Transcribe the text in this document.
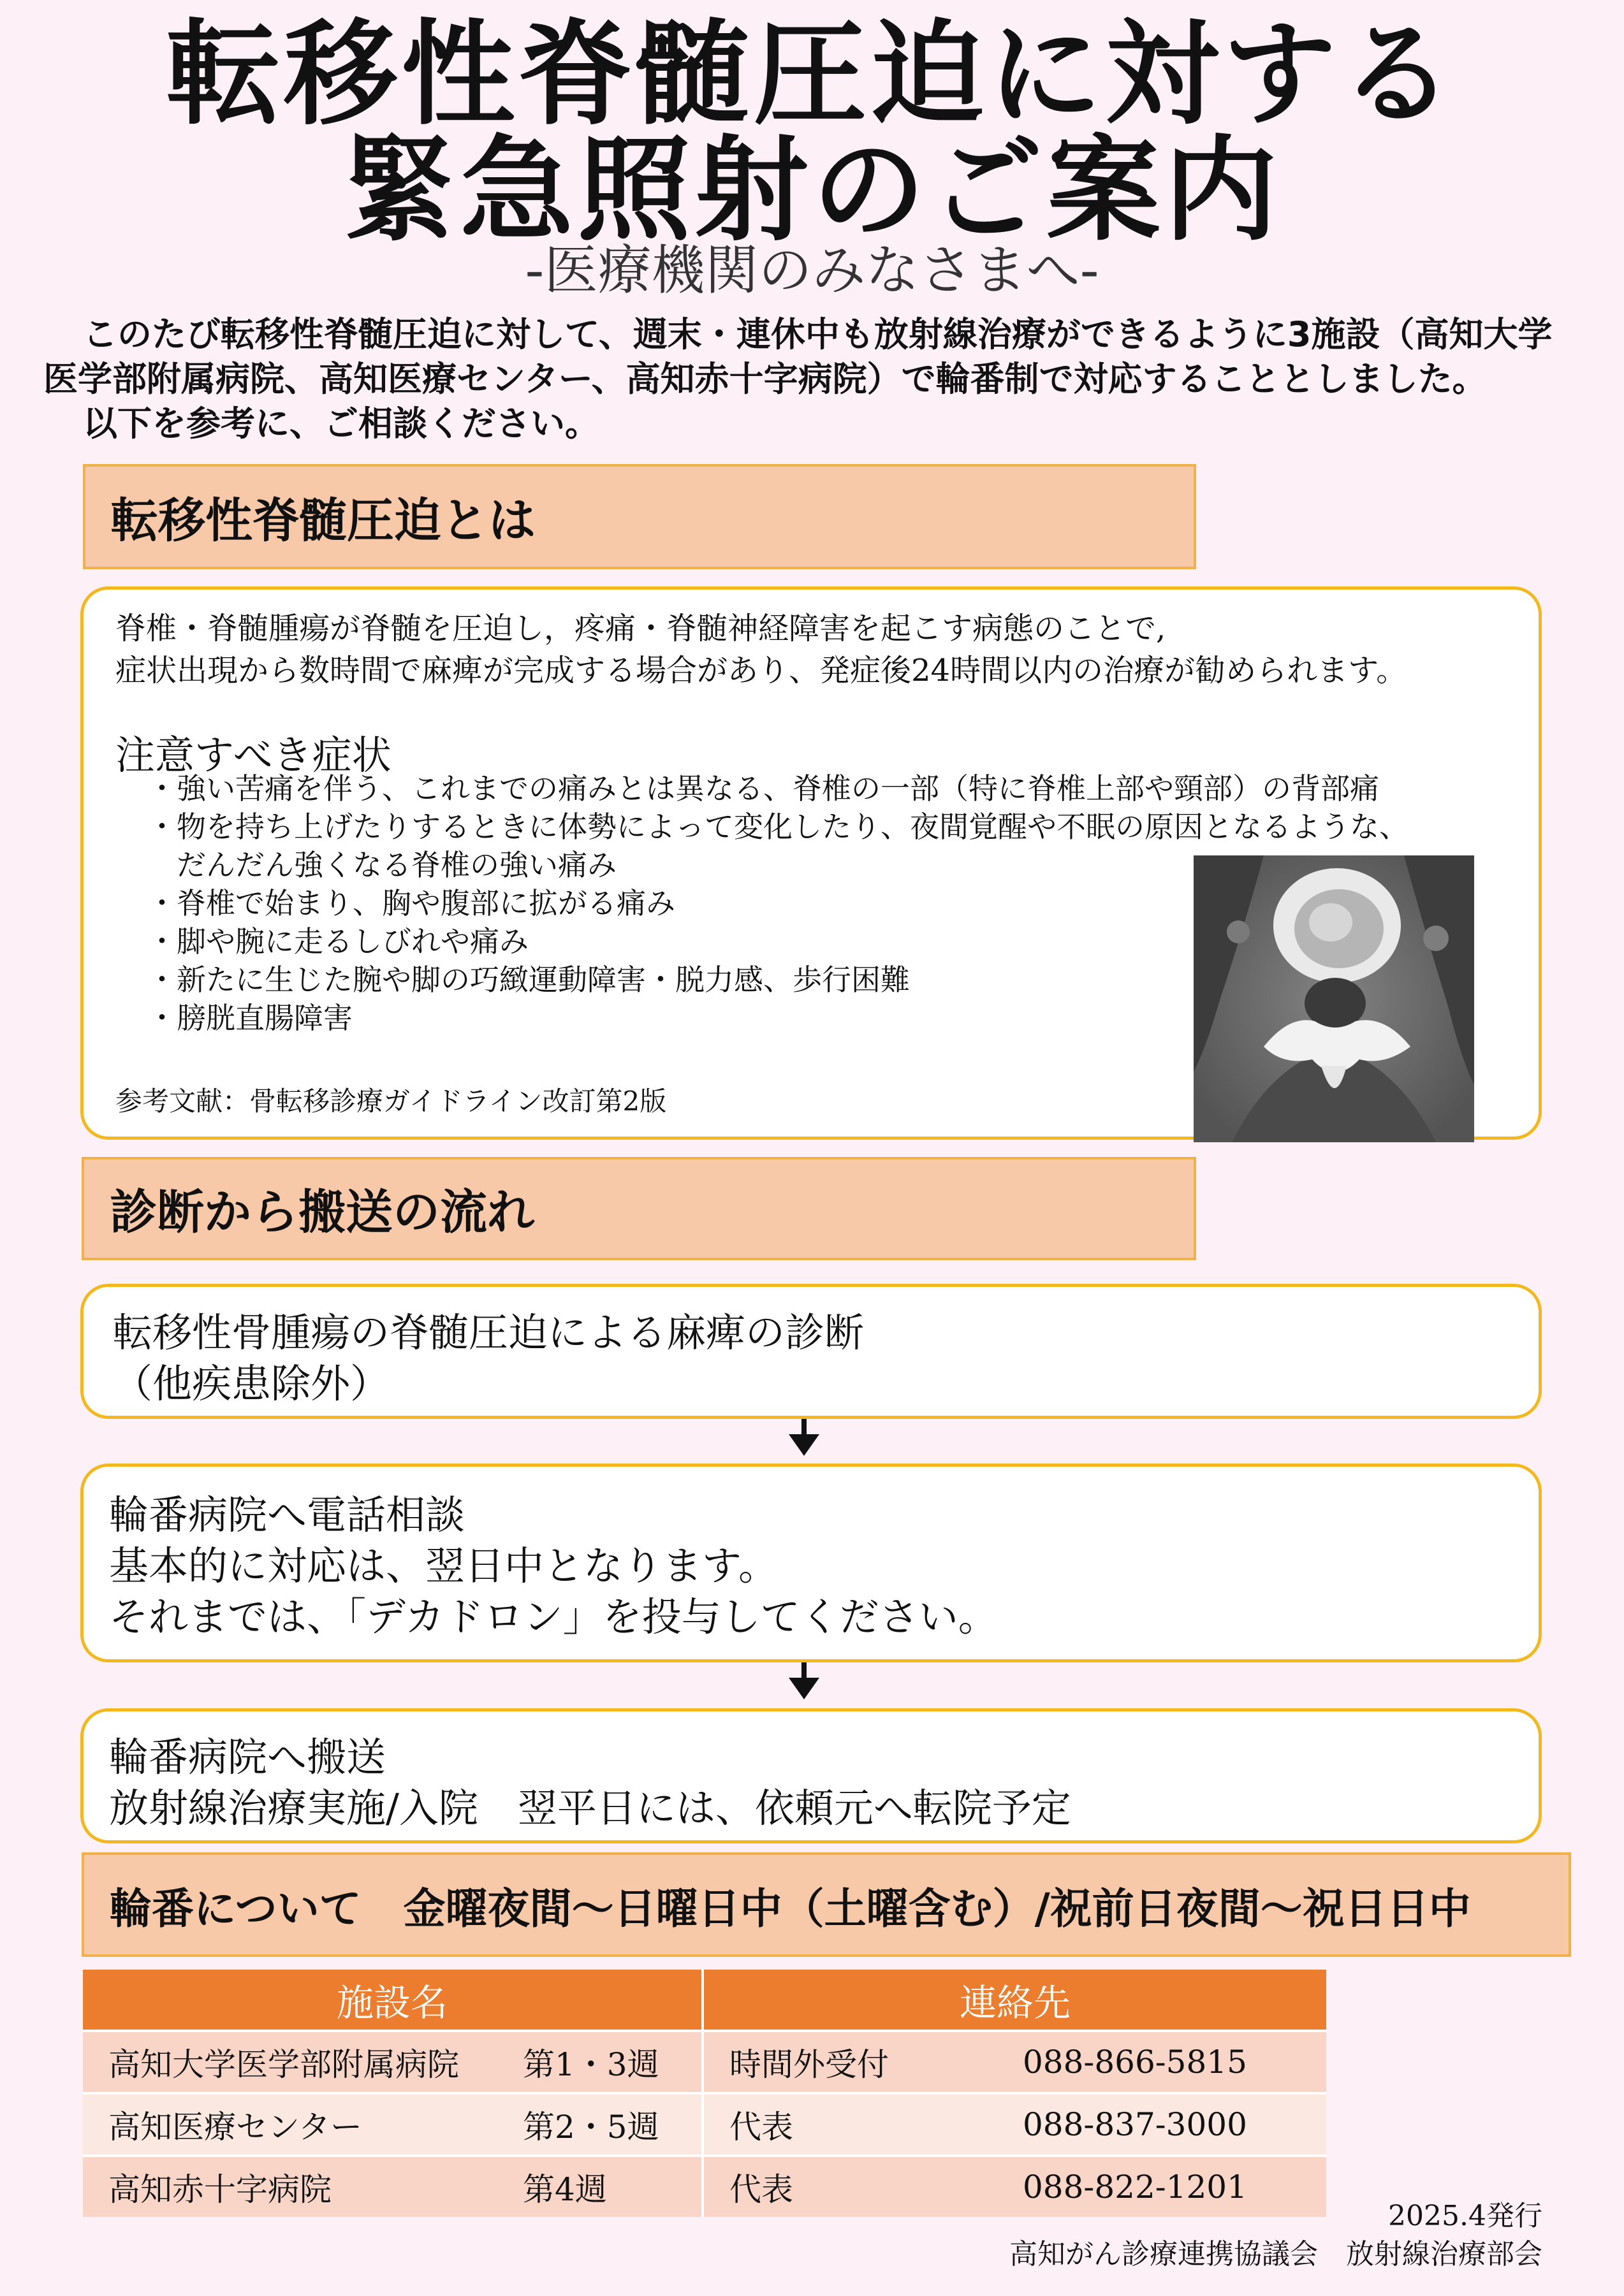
転移性脊髄圧迫に対する
緊急照射のご案内
-医療機関のみなさまへ-
このたび転移性脊髄圧迫に対して、週末・連休中も放射線治療ができるように3施設（高知大学
医学部附属病院、高知医療センター、高知赤十字病院）で輪番制で対応することとしました。
以下を参考に、ご相談ください。
転移性脊髄圧迫とは
脊椎・脊髄腫瘍が脊髄を圧迫し，疼痛・脊髄神経障害を起こす病態のことで,
症状出現から数時間で麻痺が完成する場合があり、発症後24時間以内の治療が勧められます。
注意すべき症状
・強い苦痛を伴う、これまでの痛みとは異なる、脊椎の一部（特に脊椎上部や頸部）の背部痛
・物を持ち上げたりするときに体勢によって変化したり、夜間覚醒や不眠の原因となるような、
　だんだん強くなる脊椎の強い痛み
・脊椎で始まり、胸や腹部に拡がる痛み
・脚や腕に走るしびれや痛み
・新たに生じた腕や脚の巧緻運動障害・脱力感、歩行困難
・膀胱直腸障害
参考文献：骨転移診療ガイドライン改訂第2版
診断から搬送の流れ
転移性骨腫瘍の脊髄圧迫による麻痺の診断
（他疾患除外）
輪番病院へ電話相談
基本的に対応は、翌日中となります。
それまでは、「デカドロン」を投与してください。
輪番病院へ搬送
放射線治療実施/入院　翌平日には、依頼元へ転院予定
輪番について　金曜夜間～日曜日中（土曜含む）/祝前日夜間～祝日日中
施設名	連絡先
高知大学医学部附属病院 第1・3週 時間外受付	088-866-5815
高知医療センター	第2・5週 代表	088-837-3000
高知赤十字病院	第4週	代表	088-822-1201
2025.4発行
高知がん診療連携協議会　放射線治療部会
